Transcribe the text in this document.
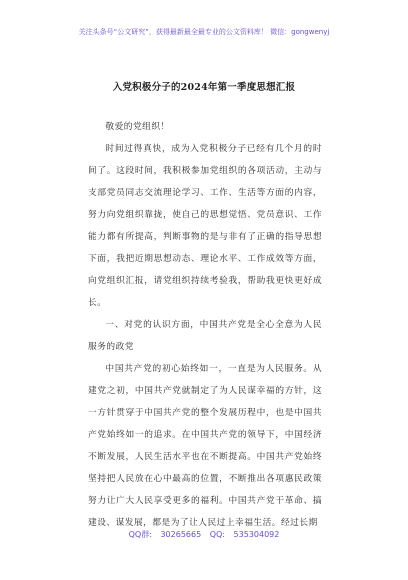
关注头条号“公文研究”，获得最新最全最专业的公文资料库！ 微信：gongwenyj
入党积极分子的2024年第一季度思想汇报

敬爱的党组织！

时间过得真快，成为入党积极分子已经有几个月的时间了。这段时间，我积极参加党组织的各项活动，主动与支部党员同志交流理论学习、工作、生活等方面的内容，努力向党组织靠拢，使自己的思想觉悟、党员意识、工作能力都有所提高，判断事物的是与非有了正确的指导思想下面，我把近期思想动态、理论水平、工作成效等方面，向党组织汇报，请党组织持续考验我，帮助我更快更好成长。

一、对党的认识方面，中国共产党是全心全意为人民服务的政党

中国共产党的初心始终如一，一直是为人民服务。从建党之初，中国共产党就制定了为人民谋幸福的方针，这一方针贯穿于中国共产党的整个发展历程中，也是中国共产党始终如一的追求。在中国共产党的领导下，中国经济不断发展，人民生活水平也在不断提高。中国共产党始终坚持把人民放在心中最高的位置，不断推出各项惠民政策努力让广大人民享受更多的福利。中国共产党干革命、搞建设、谋发展，都是为了让人民过上幸福生活。经过长期

QQ群: 30265665 QQ: 535304092
